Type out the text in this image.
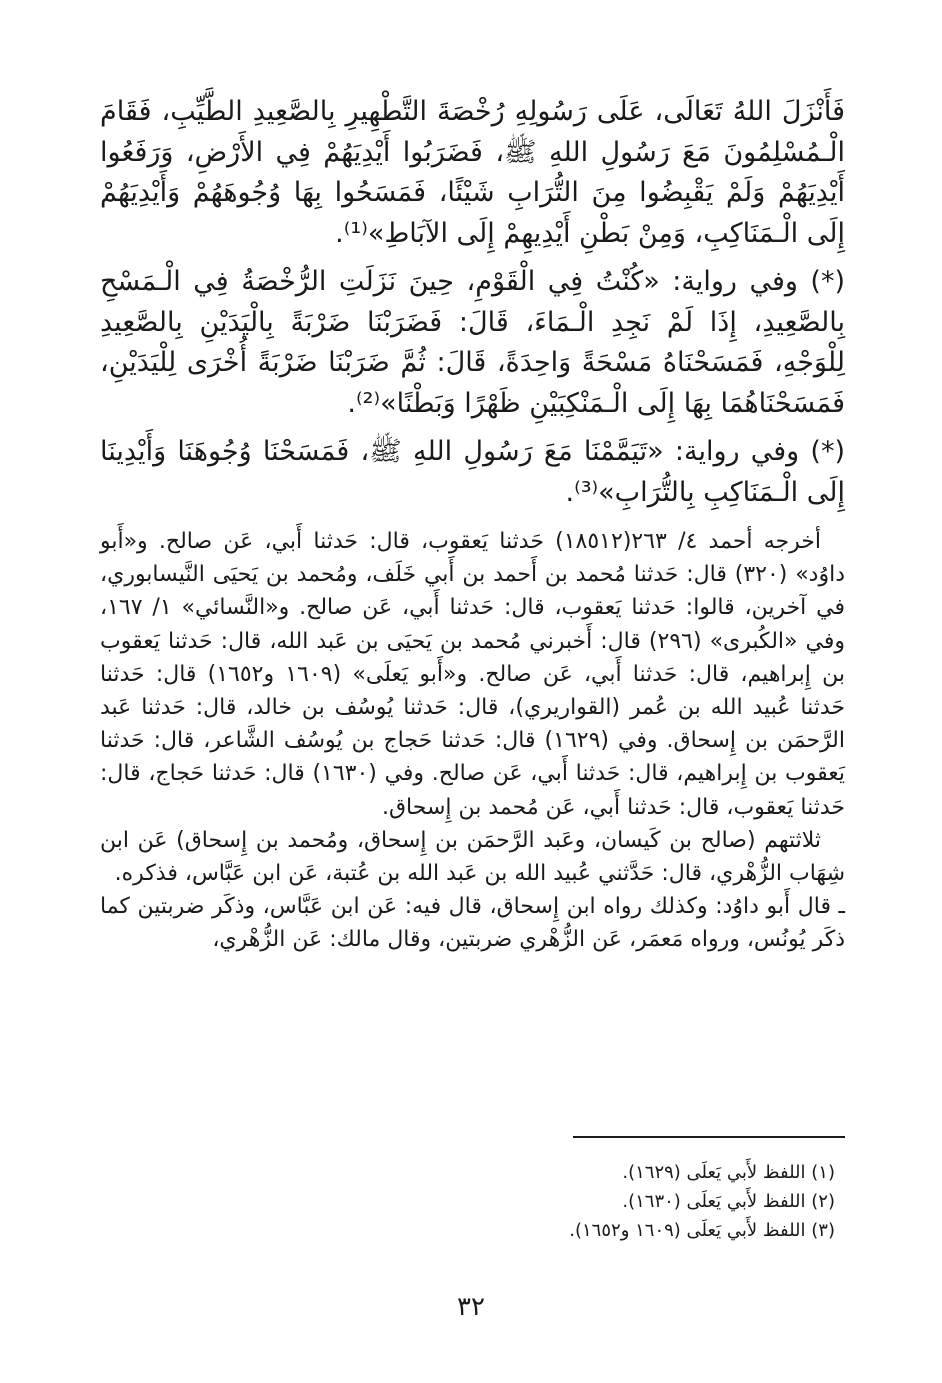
فَأَنْزَلَ اللهُ تَعَالَى، عَلَى رَسُولِهِ رُخْصَةَ التَّطْهِيرِ بِالصَّعِيدِ الطَّيِّبِ، فَقَامَ الْـمُسْلِمُونَ مَعَ رَسُولِ اللهِ ﷺ، فَضَرَبُوا أَيْدِيَهُمْ فِي الأَرْضِ، وَرَفَعُوا أَيْدِيَهُمْ وَلَمْ يَقْبِضُوا مِنَ التُّرَابِ شَيْئًا، فَمَسَحُوا بِهَا وُجُوهَهُمْ وَأَيْدِيَهُمْ إِلَى الْـمَنَاكِبِ، وَمِنْ بَطْنِ أَيْدِيهِمْ إِلَى الآبَاطِ»⁽¹⁾.

(*) وفي رواية: «كُنْتُ فِي الْقَوْمِ، حِينَ نَزَلَتِ الرُّخْصَةُ فِي الْـمَسْحِ بِالصَّعِيدِ، إِذَا لَمْ نَجِدِ الْـمَاءَ، قَالَ: فَضَرَبْنَا ضَرْبَةً بِالْيَدَيْنِ بِالصَّعِيدِ لِلْوَجْهِ، فَمَسَحْنَاهُ مَسْحَةً وَاحِدَةً، قَالَ: ثُمَّ ضَرَبْنَا ضَرْبَةً أُخْرَى لِلْيَدَيْنِ، فَمَسَحْنَاهُمَا بِهَا إِلَى الْـمَنْكِبَيْنِ ظَهْرًا وَبَطْنًا»⁽²⁾.

(*) وفي رواية: «تَيَمَّمْنَا مَعَ رَسُولِ اللهِ ﷺ، فَمَسَحْنَا وُجُوهَنَا وَأَيْدِينَا إِلَى الْـمَنَاكِبِ بِالتُّرَابِ»⁽³⁾.

أخرجه أحمد ٤/ ٢٦٣(١٨٥١٢) حَدثنا يَعقوب، قال: حَدثنا أَبي، عَن صالح. و«أَبو داوُد» (٣٢٠) قال: حَدثنا مُحمد بن أَحمد بن أَبي خَلَف، ومُحمد بن يَحيَى النَّيسابوري، في آخرين، قالوا: حَدثنا يَعقوب، قال: حَدثنا أَبي، عَن صالح. و«النَّسائي» ١/ ١٦٧، وفي «الكُبرى» (٢٩٦) قال: أَخبرني مُحمد بن يَحيَى بن عَبد الله، قال: حَدثنا يَعقوب بن إِبراهيم، قال: حَدثنا أَبي، عَن صالح. و«أَبو يَعلَى» (١٦٠٩ و١٦٥٢) قال: حَدثنا حَدثنا عُبيد الله بن عُمر (القواريري)، قال: حَدثنا يُوسُف بن خالد، قال: حَدثنا عَبد الرَّحمَن بن إِسحاق. وفي (١٦٢٩) قال: حَدثنا حَجاج بن يُوسُف الشَّاعر، قال: حَدثنا يَعقوب بن إِبراهيم، قال: حَدثنا أَبي، عَن صالح. وفي (١٦٣٠) قال: حَدثنا حَجاج، قال: حَدثنا يَعقوب، قال: حَدثنا أَبي، عَن مُحمد بن إِسحاق.

ثلاثتهم (صالح بن كَيسان، وعَبد الرَّحمَن بن إِسحاق، ومُحمد بن إِسحاق) عَن ابن شِهَاب الزُّهْري، قال: حَدَّثني عُبيد الله بن عَبد الله بن عُتبة، عَن ابن عَبَّاس، فذكره.

ـ قال أَبو داوُد: وكذلك رواه ابن إِسحاق، قال فيه: عَن ابن عَبَّاس، وذكَر ضربتين كما ذكَر يُونُس، ورواه مَعمَر، عَن الزُّهْري ضربتين، وقال مالك: عَن الزُّهْري،

(١) اللفظ لأَبي يَعلَى (١٦٢٩).
(٢) اللفظ لأَبي يَعلَى (١٦٣٠).
(٣) اللفظ لأَبي يَعلَى (١٦٠٩ و١٦٥٢).
٣٢
